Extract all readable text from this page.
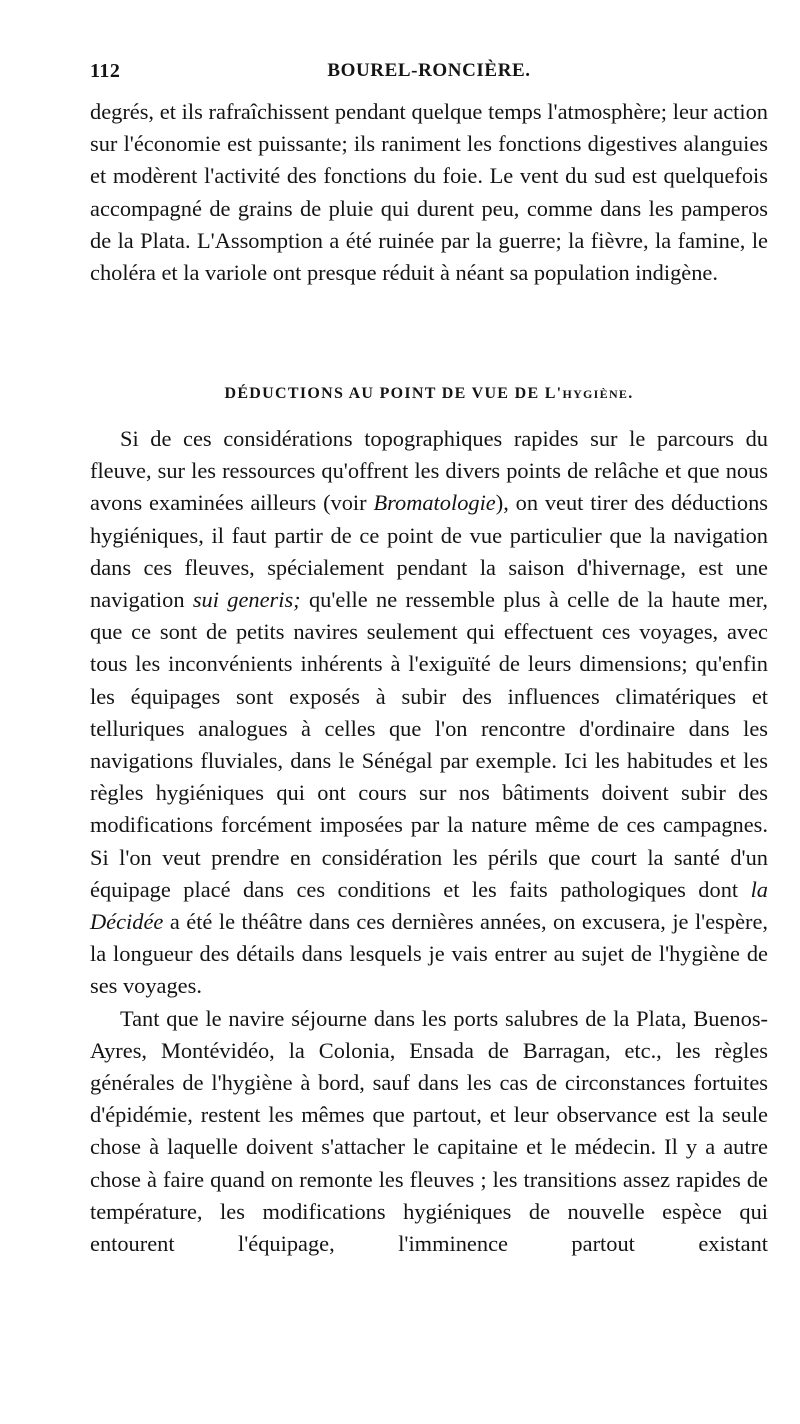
112	BOUREL-RONCIÈRE.

degrés, et ils rafraîchissent pendant quelque temps l'atmosphère; leur action sur l'économie est puissante; ils raniment les fonctions digestives alanguies et modèrent l'activité des fonctions du foie. Le vent du sud est quelquefois accompagné de grains de pluie qui durent peu, comme dans les pamperos de la Plata. L'Assomption a été ruinée par la guerre; la fièvre, la famine, le choléra et la variole ont presque réduit à néant sa population indigène.

DÉDUCTIONS AU POINT DE VUE DE L'hygiène.

Si de ces considérations topographiques rapides sur le parcours du fleuve, sur les ressources qu'offrent les divers points de relâche et que nous avons examinées ailleurs (voir Bromatologie), on veut tirer des déductions hygiéniques, il faut partir de ce point de vue particulier que la navigation dans ces fleuves, spécialement pendant la saison d'hivernage, est une navigation sui generis; qu'elle ne ressemble plus à celle de la haute mer, que ce sont de petits navires seulement qui effectuent ces voyages, avec tous les inconvénients inhérents à l'exiguïté de leurs dimensions; qu'enfin les équipages sont exposés à subir des influences climatériques et telluriques analogues à celles que l'on rencontre d'ordinaire dans les navigations fluviales, dans le Sénégal par exemple. Ici les habitudes et les règles hygiéniques qui ont cours sur nos bâtiments doivent subir des modifications forcément imposées par la nature même de ces campagnes. Si l'on veut prendre en considération les périls que court la santé d'un équipage placé dans ces conditions et les faits pathologiques dont la Décidée a été le théâtre dans ces dernières années, on excusera, je l'espère, la longueur des détails dans lesquels je vais entrer au sujet de l'hygiène de ses voyages.

Tant que le navire séjourne dans les ports salubres de la Plata, Buenos-Ayres, Montévidéo, la Colonia, Ensada de Barragan, etc., les règles générales de l'hygiène à bord, sauf dans les cas de circonstances fortuites d'épidémie, restent les mêmes que partout, et leur observance est la seule chose à laquelle doivent s'attacher le capitaine et le médecin. Il y a autre chose à faire quand on remonte les fleuves ; les transitions assez rapides de température, les modifications hygiéniques de nouvelle espèce qui entourent l'équipage, l'imminence partout existant
